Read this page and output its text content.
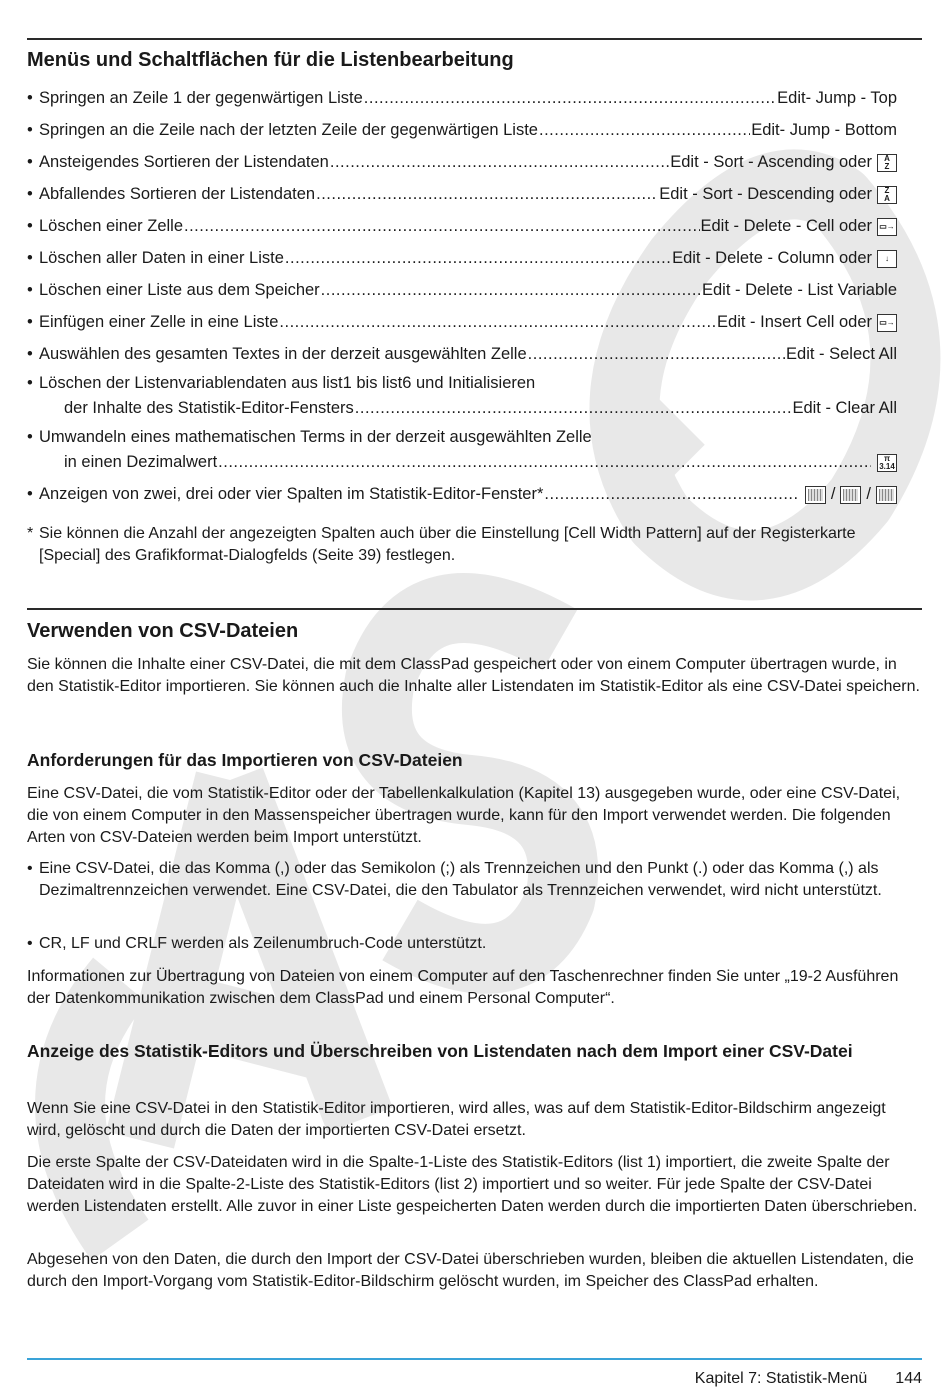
Menüs und Schaltflächen für die Listenbearbeitung
• Springen an Zeile 1 der gegenwärtigen Liste .....	Edit- Jump - Top
• Springen an die Zeile nach der letzten Zeile der gegenwärtigen Liste .....	Edit- Jump - Bottom
• Ansteigendes Sortieren der Listendaten .....	Edit - Sort - Ascending oder	A
Z
• Abfallendes Sortieren der Listendaten .....	Edit - Sort - Descending oder	Z
A
• Löschen einer Zelle .....	Edit - Delete - Cell oder ▭→
• Löschen aller Daten in einer Liste .....	Edit - Delete - Column oder	↓
• Löschen einer Liste aus dem Speicher .....	Edit - Delete - List Variable
• Einfügen einer Zelle in eine Liste .....	Edit - Insert Cell oder ▭→
• Auswählen des gesamten Textes in der derzeit ausgewählten Zelle .....	Edit - Select All
• Löschen der Listenvariablendaten aus list1 bis list6 und Initialisieren
der Inhalte des Statistik-Editor-Fensters .....	Edit - Clear All
• Umwandeln eines mathematischen Terms in der derzeit ausgewählten Zelle
in einen Dezimalwert .....	π
3.14
• Anzeigen von zwei, drei oder vier Spalten im Statistik-Editor-Fenster* .....	/ /
* Sie können die Anzahl der angezeigten Spalten auch über die Einstellung [Cell Width Pattern] auf der Registerkarte [Special] des Grafikformat-Dialogfelds (Seite 39) festlegen.
Verwenden von CSV-Dateien

Sie können die Inhalte einer CSV-Datei, die mit dem ClassPad gespeichert oder von einem Computer übertragen wurde, in den Statistik-Editor importieren. Sie können auch die Inhalte aller Listendaten im Statistik-Editor als eine CSV-Datei speichern.

Anforderungen für das Importieren von CSV-Dateien

Eine CSV-Datei, die vom Statistik-Editor oder der Tabellenkalkulation (Kapitel 13) ausgegeben wurde, oder eine CSV-Datei, die von einem Computer in den Massenspeicher übertragen wurde, kann für den Import verwendet werden. Die folgenden Arten von CSV-Dateien werden beim Import unterstützt.

• Eine CSV-Datei, die das Komma (,) oder das Semikolon (;) als Trennzeichen und den Punkt (.) oder das Komma (,) als Dezimaltrennzeichen verwendet. Eine CSV-Datei, die den Tabulator als Trennzeichen verwendet, wird nicht unterstützt.
• CR, LF und CRLF werden als Zeilenumbruch-Code unterstützt.

Informationen zur Übertragung von Dateien von einem Computer auf den Taschenrechner finden Sie unter „19-2 Ausführen der Datenkommunikation zwischen dem ClassPad und einem Personal Computer“.

Anzeige des Statistik-Editors und Überschreiben von Listendaten nach dem Import einer CSV-Datei

Wenn Sie eine CSV-Datei in den Statistik-Editor importieren, wird alles, was auf dem Statistik-Editor-Bildschirm angezeigt wird, gelöscht und durch die Daten der importierten CSV-Datei ersetzt.

Die erste Spalte der CSV-Dateidaten wird in die Spalte-1-Liste des Statistik-Editors (list 1) importiert, die zweite Spalte der Dateidaten wird in die Spalte-2-Liste des Statistik-Editors (list 2) importiert und so weiter. Für jede Spalte der CSV-Datei werden Listendaten erstellt. Alle zuvor in einer Liste gespeicherten Daten werden durch die importierten Daten überschrieben.

Abgesehen von den Daten, die durch den Import der CSV-Datei überschrieben wurden, bleiben die aktuellen Listendaten, die durch den Import-Vorgang vom Statistik-Editor-Bildschirm gelöscht wurden, im Speicher des ClassPad erhalten.

Kapitel 7: Statistik-Menü 144
